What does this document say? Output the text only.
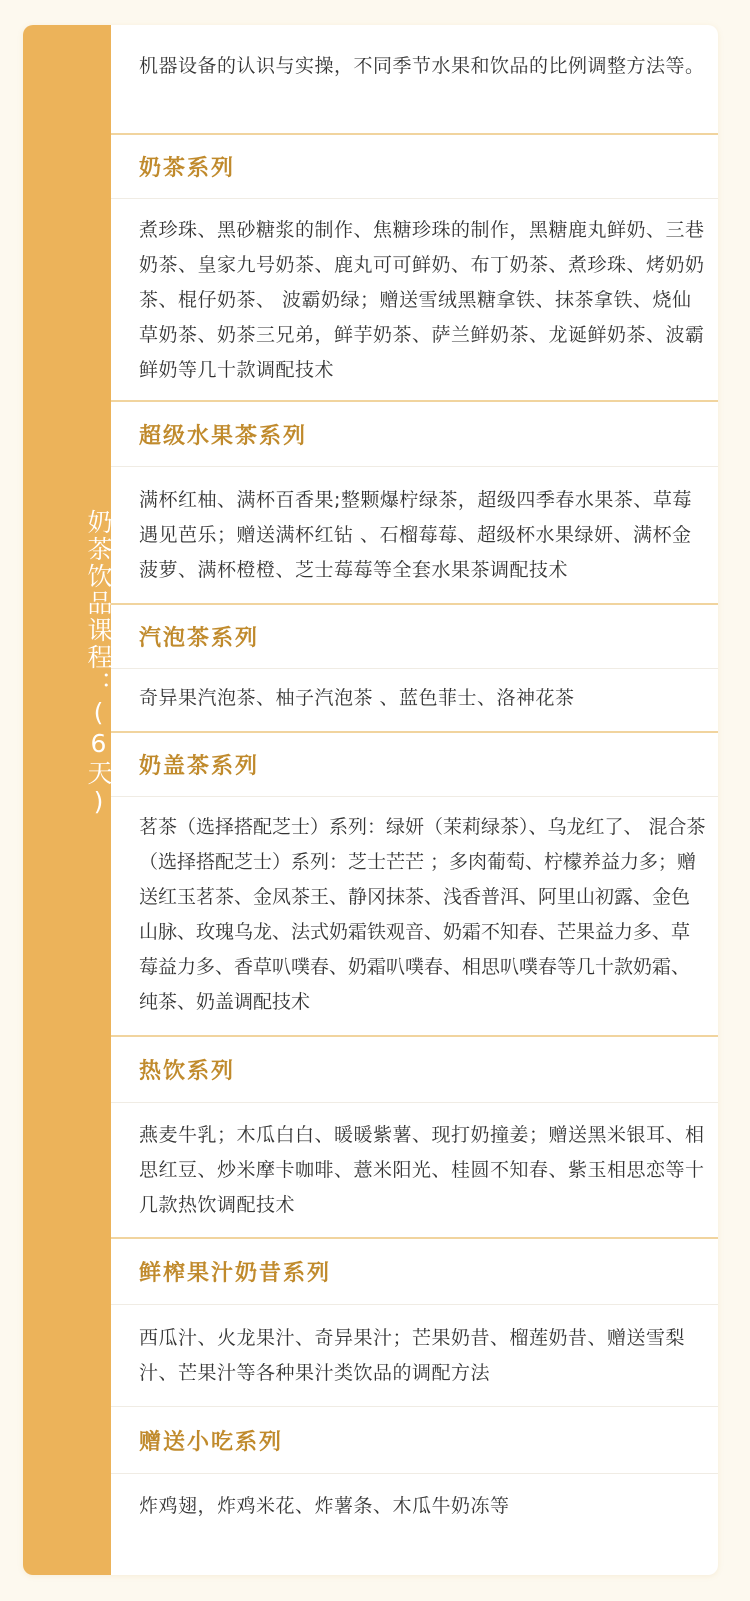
奶茶饮品课程：(6天)
机器设备的认识与实操，不同季节水果和饮品的比例调整方法等。
奶茶系列
煮珍珠、黑砂糖浆的制作、焦糖珍珠的制作，黑糖鹿丸鲜奶、三巷奶茶、皇家九号奶茶、鹿丸可可鲜奶、布丁奶茶、煮珍珠、烤奶奶茶、棍仔奶茶、 波霸奶绿；赠送雪绒黑糖拿铁、抹茶拿铁、烧仙草奶茶、奶茶三兄弟，鲜芋奶茶、萨兰鲜奶茶、龙诞鲜奶茶、波霸鲜奶等几十款调配技术
超级水果茶系列
满杯红柚、满杯百香果;整颗爆柠绿茶，超级四季春水果茶、草莓遇见芭乐；赠送满杯红钻 、石榴莓莓、超级杯水果绿妍、满杯金菠萝、满杯橙橙、芝士莓莓等全套水果茶调配技术
汽泡茶系列
奇异果汽泡茶、柚子汽泡茶 、蓝色菲士、洛神花茶
奶盖茶系列
茗茶（选择搭配芝士）系列：绿妍（茉莉绿茶）、乌龙红了、 混合茶（选择搭配芝士）系列：芝士芒芒 ；多肉葡萄、柠檬养益力多；赠送红玉茗茶、金凤茶王、静冈抹茶、浅香普洱、阿里山初露、金色山脉、玫瑰乌龙、法式奶霜铁观音、奶霜不知春、芒果益力多、草莓益力多、香草叭噗春、奶霜叭噗春、相思叭噗春等几十款奶霜、纯茶、奶盖调配技术
热饮系列
燕麦牛乳；木瓜白白、暖暖紫薯、现打奶撞姜；赠送黑米银耳、相思红豆、炒米摩卡咖啡、薏米阳光、桂圆不知春、紫玉相思恋等十几款热饮调配技术
鲜榨果汁奶昔系列
西瓜汁、火龙果汁、奇异果汁；芒果奶昔、榴莲奶昔、赠送雪梨汁、芒果汁等各种果汁类饮品的调配方法
赠送小吃系列
炸鸡翅，炸鸡米花、炸薯条、木瓜牛奶冻等
